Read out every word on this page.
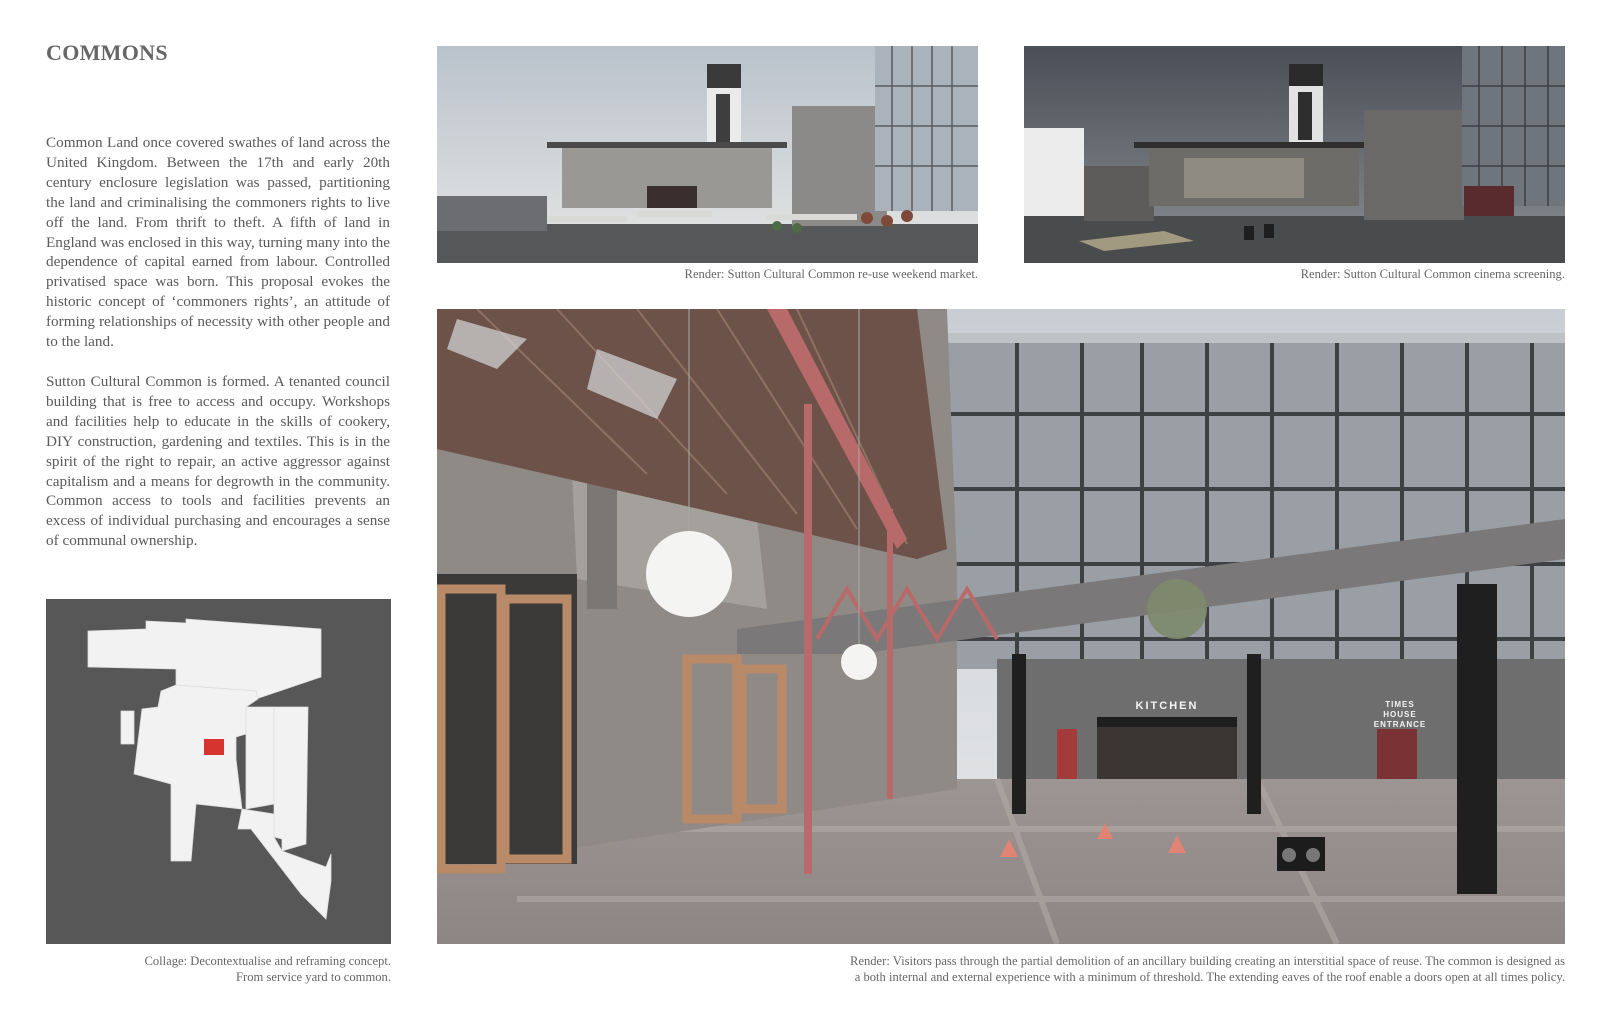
COMMONS

Common Land once covered swathes of land across the United Kingdom. Between the 17th and early 20th century enclosure legislation was passed, partitioning the land and criminalising the commoners rights to live off the land. From thrift to theft. A fifth of land in England was enclosed in this way, turning many into the dependence of capital earned from labour. Controlled privatised space was born. This proposal evokes the historic concept of ‘commoners rights’, an attitude of forming relationships of necessity with other people and to the land.

Sutton Cultural Common is formed. A tenanted council building that is free to access and occupy. Workshops and facilities help to educate in the skills of cookery, DIY construction, gardening and textiles. This is in the spirit of the right to repair, an active aggressor against capitalism and a means for degrowth in the community. Common access to tools and facilities prevents an excess of individual purchasing and encourages a sense of communal ownership.

Render: Sutton Cultural Common re-use weekend market.	Render: Sutton Cultural Common cinema screening.

Collage: Decontextualise and reframing concept.
From service yard to common.

KITCHEN	TIMES
HOUSE
ENTRANCE

Render: Visitors pass through the partial demolition of an ancillary building creating an interstitial space of reuse. The common is designed as
a both internal and external experience with a minimum of threshold. The extending eaves of the roof enable a doors open at all times policy.
